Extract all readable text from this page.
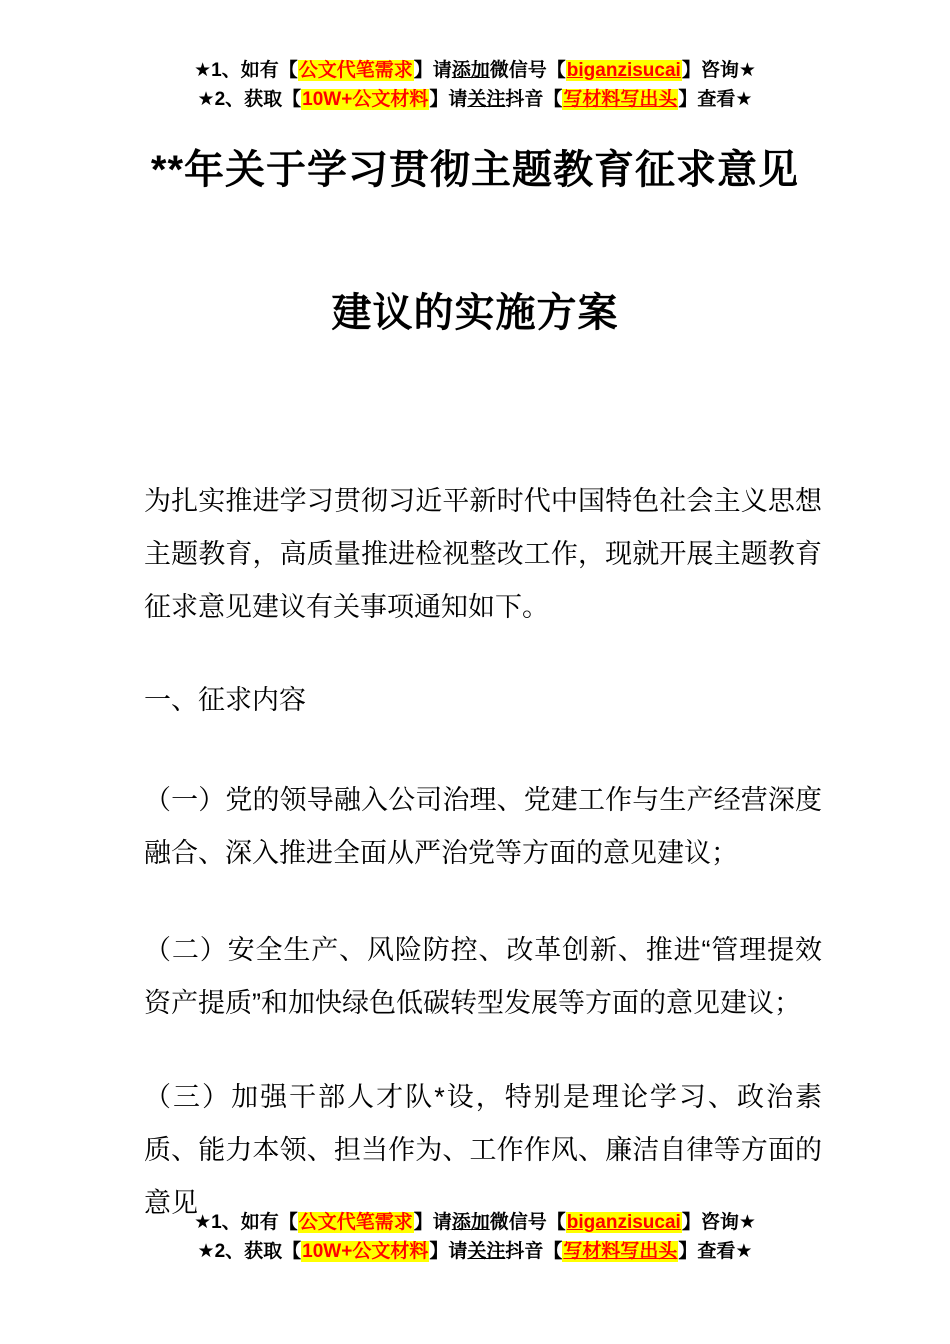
★1、如有【公文代笔需求】请添加微信号【biganzisucai】咨询★
★2、获取【10W+公文材料】请关注抖音【写材料写出头】查看★
**年关于学习贯彻主题教育征求意见
建议的实施方案
为扎实推进学习贯彻习近平新时代中国特色社会主义思想主题教育，高质量推进检视整改工作，现就开展主题教育征求意见建议有关事项通知如下。
一、征求内容
（一）党的领导融入公司治理、党建工作与生产经营深度融合、深入推进全面从严治党等方面的意见建议；
（二）安全生产、风险防控、改革创新、推进“管理提效资产提质”和加快绿色低碳转型发展等方面的意见建议；
（三）加强干部人才队*设，特别是理论学习、政治素质、能力本领、担当作为、工作作风、廉洁自律等方面的意见
★1、如有【公文代笔需求】请添加微信号【biganzisucai】咨询★
★2、获取【10W+公文材料】请关注抖音【写材料写出头】查看★
